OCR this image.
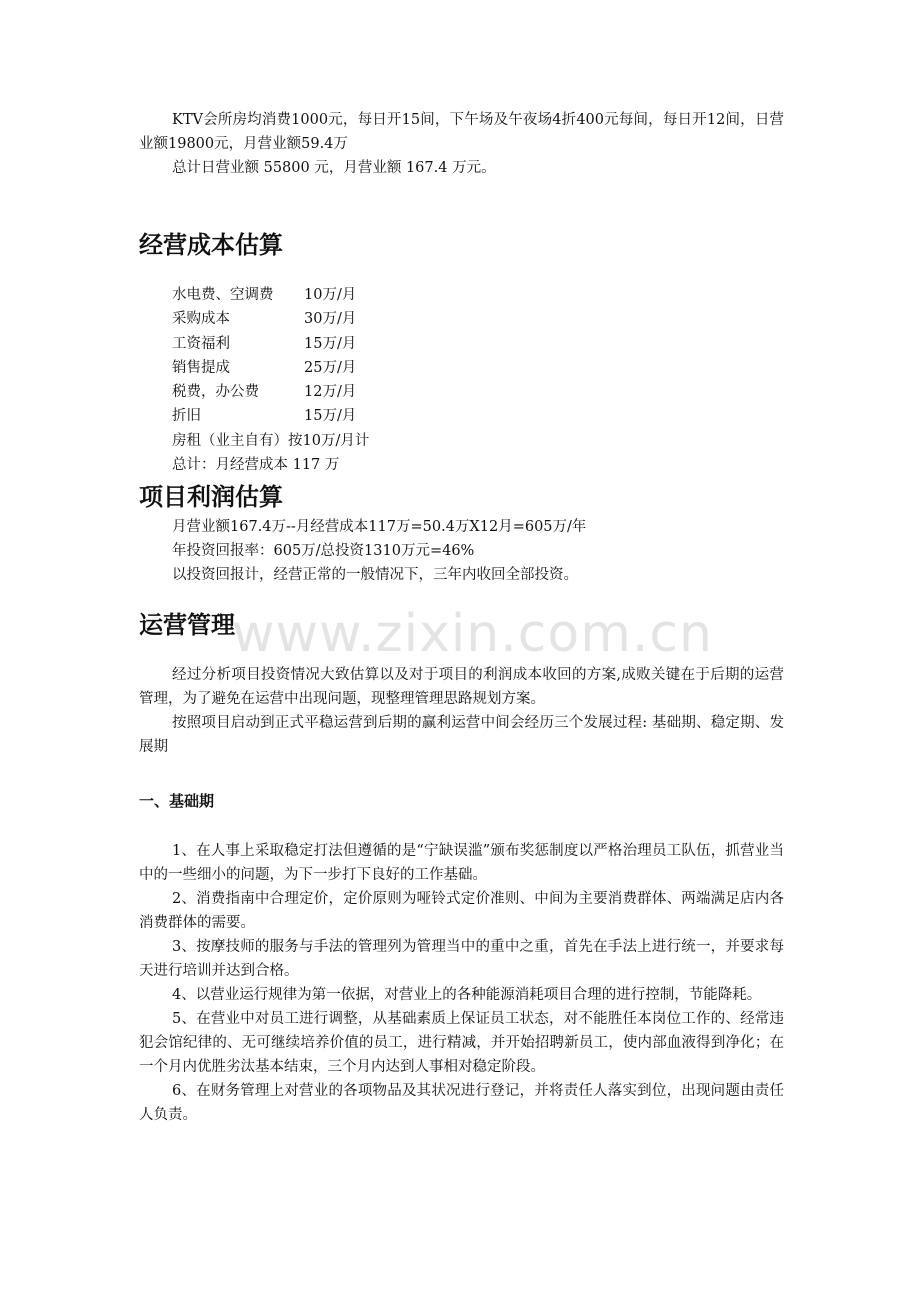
www.zixin.com.cn

KTV会所房均消费1000元，每日开15间，下午场及午夜场4折400元每间，每日开12间，日营业额19800元，月营业额59.4万

总计日营业额 55800 元，月营业额 167.4 万元。

经营成本估算
水电费、空调费	10万/月
采购成本	30万/月
工资福利	15万/月
销售提成	25万/月
税费，办公费	12万/月
折旧	15万/月
房租（业主自有）按10万/月计
总计：月经营成本 117 万
项目利润估算
月营业额167.4万--月经营成本117万=50.4万X12月=605万/年
年投资回报率：605万/总投资1310万元=46%
以投资回报计，经营正常的一般情况下，三年内收回全部投资。
运营管理

经过分析项目投资情况大致估算以及对于项目的利润成本收回的方案,成败关键在于后期的运营管理，为了避免在运营中出现问题，现整理管理思路规划方案。

按照项目启动到正式平稳运营到后期的赢利运营中间会经历三个发展过程: 基础期、稳定期、发展期

一、基础期

1、在人事上采取稳定打法但遵循的是“宁缺误滥”颁布奖惩制度以严格治理员工队伍，抓营业当中的一些细小的问题，为下一步打下良好的工作基础。

2、消费指南中合理定价，定价原则为哑铃式定价准则、中间为主要消费群体、两端满足店内各消费群体的需要。

3、按摩技师的服务与手法的管理列为管理当中的重中之重，首先在手法上进行统一，并要求每天进行培训并达到合格。

4、以营业运行规律为第一依据，对营业上的各种能源消耗项目合理的进行控制，节能降耗。

5、在营业中对员工进行调整，从基础素质上保证员工状态，对不能胜任本岗位工作的、经常违犯会馆纪律的、无可继续培养价值的员工，进行精减，并开始招聘新员工，使内部血液得到净化；在一个月内优胜劣汰基本结束，三个月内达到人事相对稳定阶段。

6、在财务管理上对营业的各项物品及其状况进行登记，并将责任人落实到位，出现问题由责任人负责。
